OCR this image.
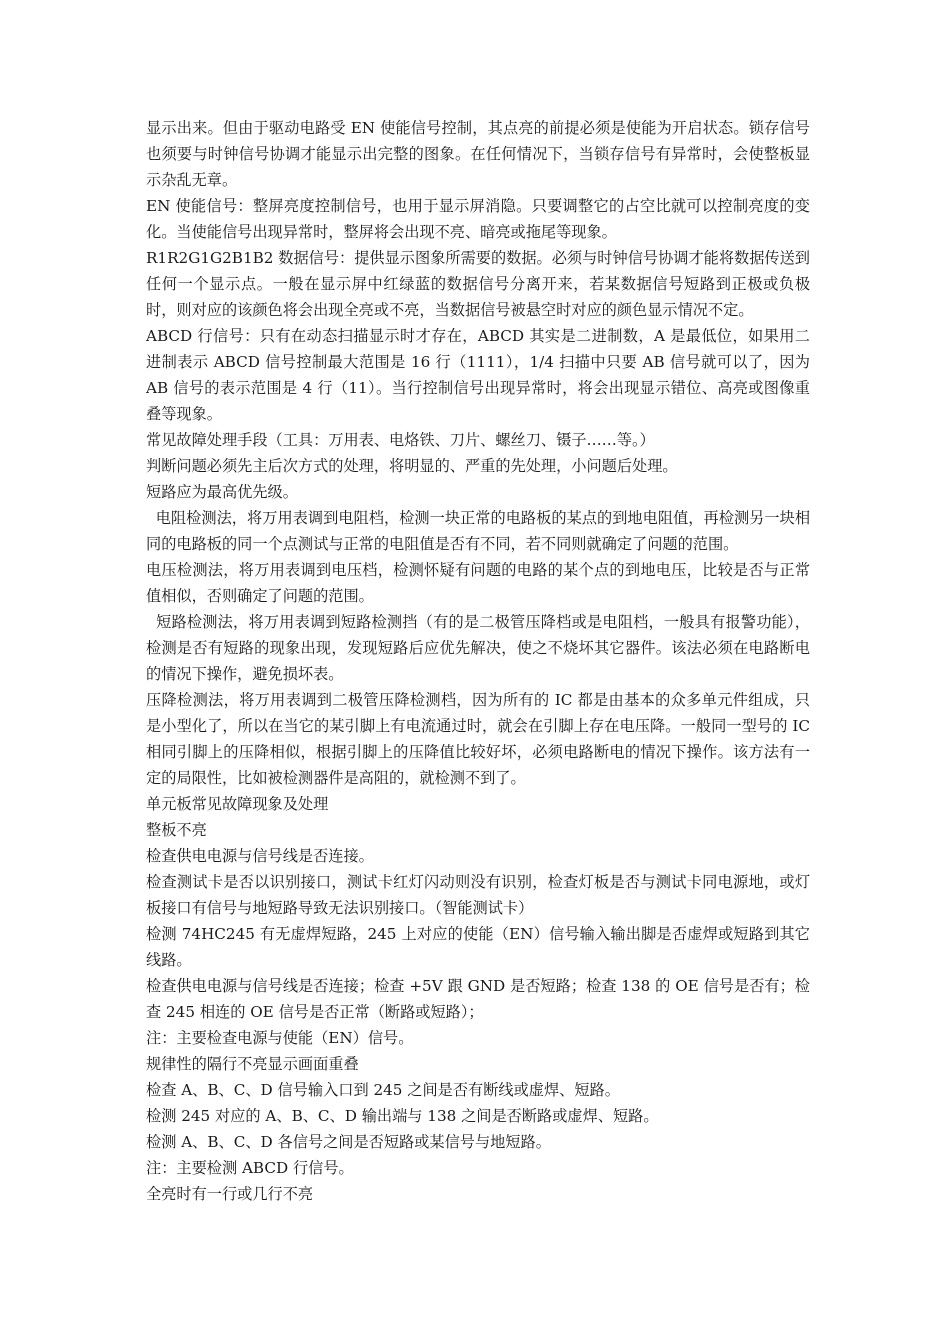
显示出来。但由于驱动电路受 EN 使能信号控制，其点亮的前提必须是使能为开启状态。锁存信号也须要与时钟信号协调才能显示出完整的图象。在任何情况下，当锁存信号有异常时，会使整板显示杂乱无章。

EN 使能信号：整屏亮度控制信号，也用于显示屏消隐。只要调整它的占空比就可以控制亮度的变化。当使能信号出现异常时，整屏将会出现不亮、暗亮或拖尾等现象。

R1R2G1G2B1B2 数据信号：提供显示图象所需要的数据。必须与时钟信号协调才能将数据传送到任何一个显示点。一般在显示屏中红绿蓝的数据信号分离开来，若某数据信号短路到正极或负极时，则对应的该颜色将会出现全亮或不亮，当数据信号被悬空时对应的颜色显示情况不定。

ABCD 行信号：只有在动态扫描显示时才存在，ABCD 其实是二进制数，A 是最低位，如果用二进制表示 ABCD 信号控制最大范围是 16 行（1111），1/4 扫描中只要 AB 信号就可以了，因为 AB 信号的表示范围是 4 行（11）。当行控制信号出现异常时，将会出现显示错位、高亮或图像重叠等现象。

常见故障处理手段（工具：万用表、电烙铁、刀片、螺丝刀、镊子……等。）

判断问题必须先主后次方式的处理，将明显的、严重的先处理，小问题后处理。

短路应为最高优先级。

电阻检测法，将万用表调到电阻档，检测一块正常的电路板的某点的到地电阻值，再检测另一块相同的电路板的同一个点测试与正常的电阻值是否有不同，若不同则就确定了问题的范围。

电压检测法，将万用表调到电压档，检测怀疑有问题的电路的某个点的到地电压，比较是否与正常值相似，否则确定了问题的范围。

短路检测法，将万用表调到短路检测挡（有的是二极管压降档或是电阻档，一般具有报警功能），检测是否有短路的现象出现，发现短路后应优先解决，使之不烧坏其它器件。该法必须在电路断电的情况下操作，避免损坏表。

压降检测法，将万用表调到二极管压降检测档，因为所有的 IC 都是由基本的众多单元件组成，只是小型化了，所以在当它的某引脚上有电流通过时，就会在引脚上存在电压降。一般同一型号的 IC 相同引脚上的压降相似，根据引脚上的压降值比较好坏，必须电路断电的情况下操作。该方法有一定的局限性，比如被检测器件是高阻的，就检测不到了。

单元板常见故障现象及处理

整板不亮

检查供电电源与信号线是否连接。

检查测试卡是否以识别接口，测试卡红灯闪动则没有识别，检查灯板是否与测试卡同电源地，或灯板接口有信号与地短路导致无法识别接口。（智能测试卡）

检测 74HC245 有无虚焊短路，245 上对应的使能（EN）信号输入输出脚是否虚焊或短路到其它线路。

检查供电电源与信号线是否连接；检查 +5V 跟 GND 是否短路；检查 138 的 OE 信号是否有；检查 245 相连的 OE 信号是否正常（断路或短路）；

注：主要检查电源与使能（EN）信号。

规律性的隔行不亮显示画面重叠

检查 A、B、C、D 信号输入口到 245 之间是否有断线或虚焊、短路。

检测 245 对应的 A、B、C、D 输出端与 138 之间是否断路或虚焊、短路。

检测 A、B、C、D 各信号之间是否短路或某信号与地短路。

注：主要检测 ABCD 行信号。

全亮时有一行或几行不亮
